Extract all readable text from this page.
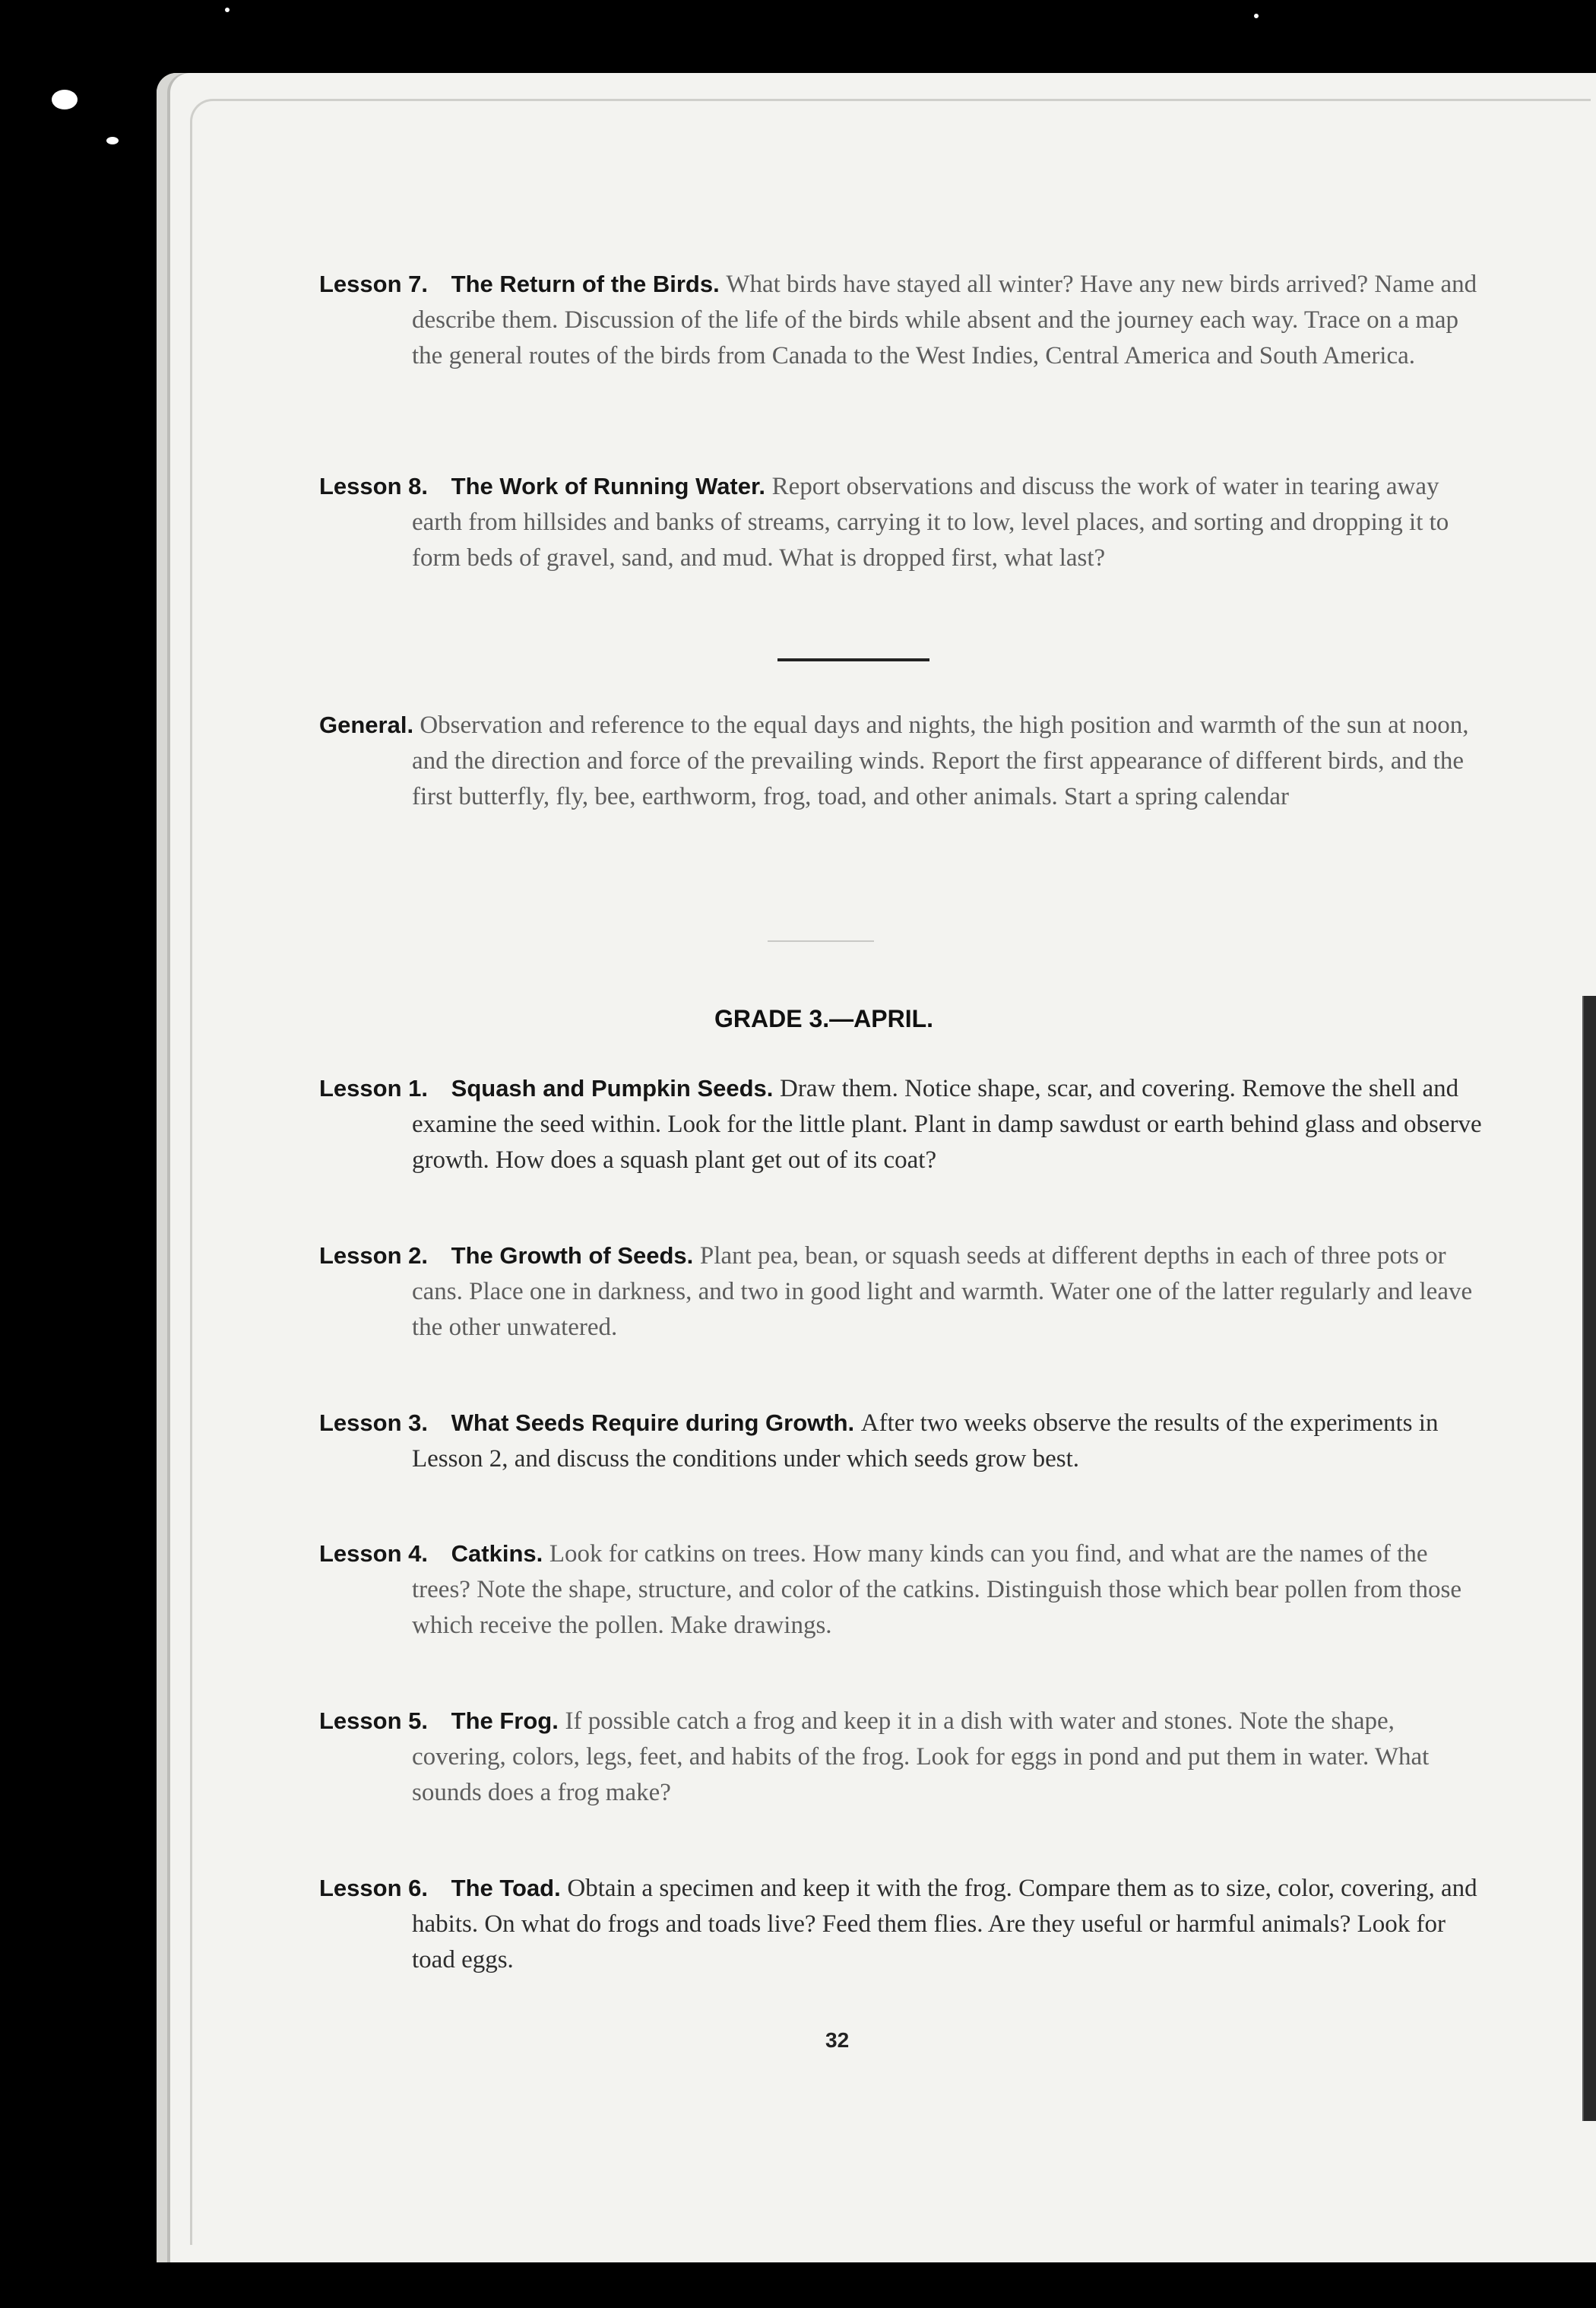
Lesson 7. The Return of the Birds. What birds have stayed all winter? Have any new birds arrived? Name and describe them. Discussion of the life of the birds while absent and the journey each way. Trace on a map the general routes of the birds from Canada to the West Indies, Central America and South America.

Lesson 8. The Work of Running Water. Report observations and discuss the work of water in tearing away earth from hillsides and banks of streams, carrying it to low, level places, and sorting and dropping it to form beds of gravel, sand, and mud. What is dropped first, what last?

General. Observation and reference to the equal days and nights, the high position and warmth of the sun at noon, and the direction and force of the prevailing winds. Report the first appearance of different birds, and the first butterfly, fly, bee, earthworm, frog, toad, and other animals. Start a spring calendar

GRADE 3.—APRIL.

Lesson 1. Squash and Pumpkin Seeds. Draw them. Notice shape, scar, and covering. Remove the shell and examine the seed within. Look for the little plant. Plant in damp sawdust or earth behind glass and observe growth. How does a squash plant get out of its coat?

Lesson 2. The Growth of Seeds. Plant pea, bean, or squash seeds at different depths in each of three pots or cans. Place one in darkness, and two in good light and warmth. Water one of the latter regularly and leave the other unwatered.

Lesson 3. What Seeds Require during Growth. After two weeks observe the results of the experiments in Lesson 2, and discuss the conditions under which seeds grow best.

Lesson 4. Catkins. Look for catkins on trees. How many kinds can you find, and what are the names of the trees? Note the shape, structure, and color of the catkins. Distinguish those which bear pollen from those which receive the pollen. Make drawings.

Lesson 5. The Frog. If possible catch a frog and keep it in a dish with water and stones. Note the shape, covering, colors, legs, feet, and habits of the frog. Look for eggs in pond and put them in water. What sounds does a frog make?

Lesson 6. The Toad. Obtain a specimen and keep it with the frog. Compare them as to size, color, covering, and habits. On what do frogs and toads live? Feed them flies. Are they useful or harmful animals? Look for toad eggs.

32
